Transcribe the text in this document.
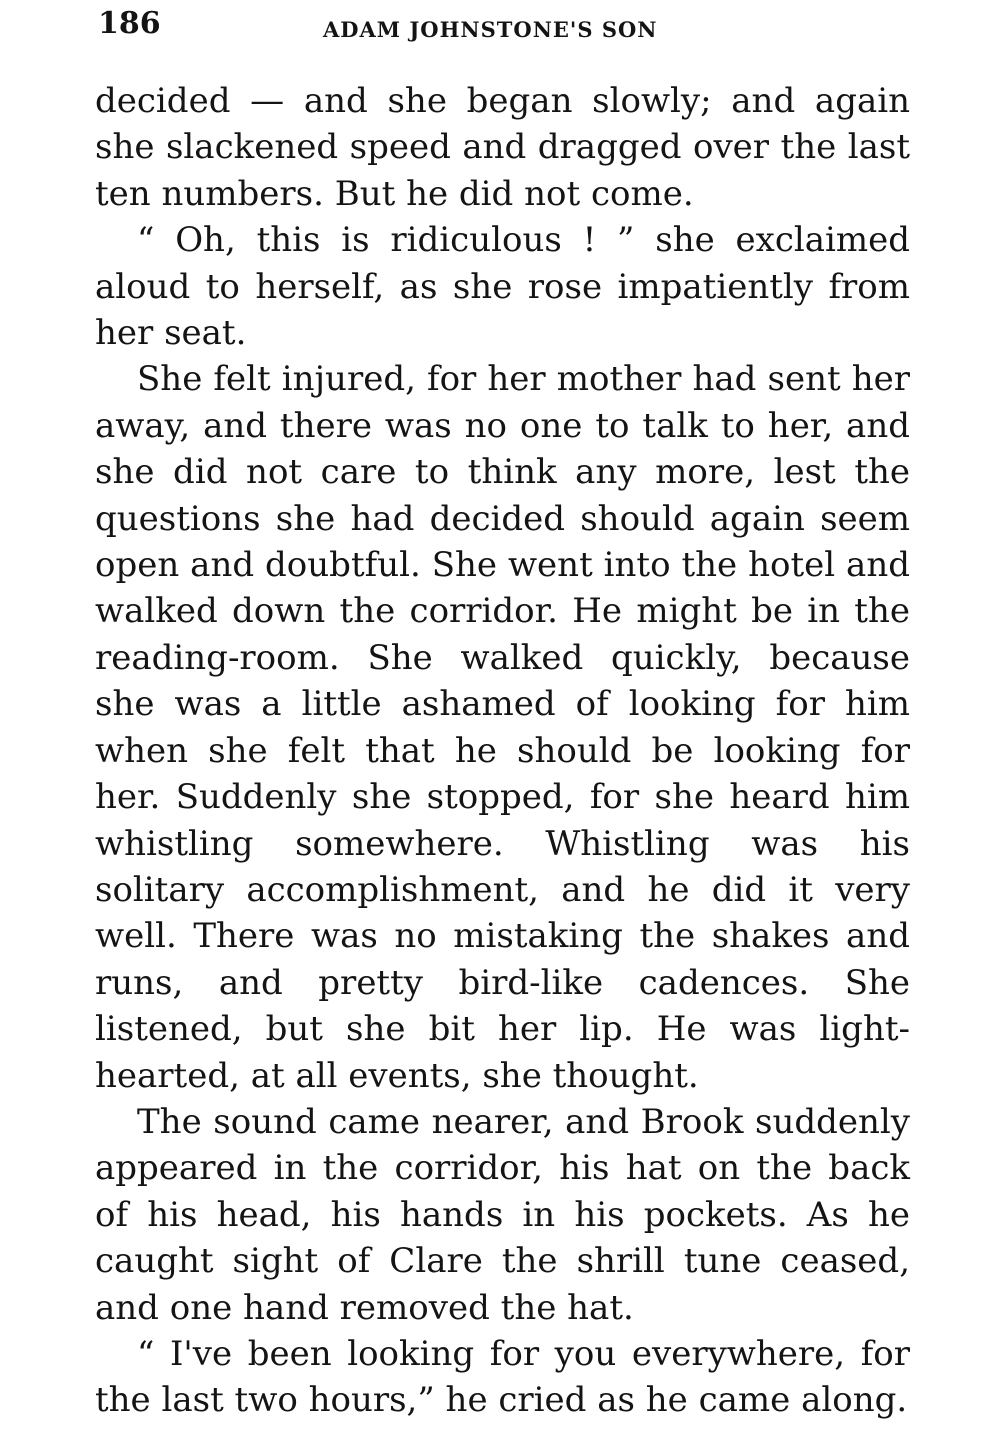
186	ADAM JOHNSTONE'S SON

decided — and she began slowly; and again she slackened speed and dragged over the last ten numbers. But he did not come.

“ Oh, this is ridiculous ! ” she exclaimed aloud to herself, as she rose impatiently from her seat.

She felt injured, for her mother had sent her away, and there was no one to talk to her, and she did not care to think any more, lest the questions she had decided should again seem open and doubtful. She went into the hotel and walked down the corridor. He might be in the reading-room. She walked quickly, because she was a little ashamed of looking for him when she felt that he should be looking for her. Suddenly she stopped, for she heard him whistling somewhere. Whistling was his solitary accomplishment, and he did it very well. There was no mistaking the shakes and runs, and pretty bird-like cadences. She listened, but she bit her lip. He was light-hearted, at all events, she thought.

The sound came nearer, and Brook suddenly appeared in the corridor, his hat on the back of his head, his hands in his pockets. As he caught sight of Clare the shrill tune ceased, and one hand removed the hat.

“ I've been looking for you everywhere, for the last two hours,” he cried as he came along.
